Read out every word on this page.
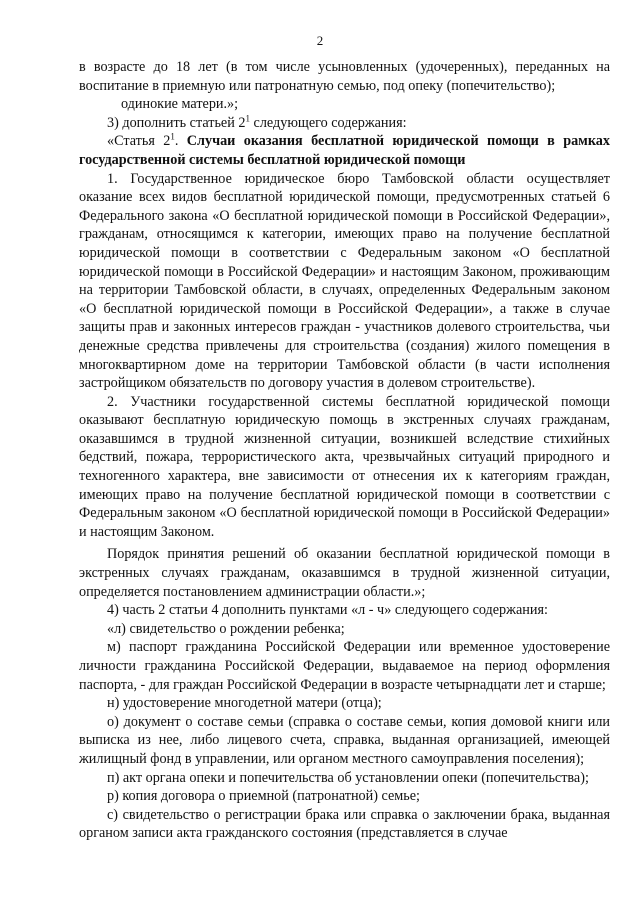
2

в возрасте до 18 лет (в том числе усыновленных (удочеренных), переданных на воспитание в приемную или патронатную семью, под опеку (попечительство);

одинокие матери.»;

3) дополнить статьей $2^1$ следующего содержания:

«Статья $2^1$. Случаи оказания бесплатной юридической помощи в рамках государственной системы бесплатной юридической помощи

1. Государственное юридическое бюро Тамбовской области осуществляет оказание всех видов бесплатной юридической помощи, предусмотренных статьей 6 Федерального закона «О бесплатной юридической помощи в Российской Федерации», гражданам, относящимся к категории, имеющих право на получение бесплатной юридической помощи в соответствии с Федеральным законом «О бесплатной юридической помощи в Российской Федерации» и настоящим Законом, проживающим на территории Тамбовской области, в случаях, определенных Федеральным законом «О бесплатной юридической помощи в Российской Федерации», а также в случае защиты прав и законных интересов граждан - участников долевого строительства, чьи денежные средства привлечены для строительства (создания) жилого помещения в многоквартирном доме на территории Тамбовской области (в части исполнения застройщиком обязательств по договору участия в долевом строительстве).

2. Участники государственной системы бесплатной юридической помощи оказывают бесплатную юридическую помощь в экстренных случаях гражданам, оказавшимся в трудной жизненной ситуации, возникшей вследствие стихийных бедствий, пожара, террористического акта, чрезвычайных ситуаций природного и техногенного характера, вне зависимости от отнесения их к категориям граждан, имеющих право на получение бесплатной юридической помощи в соответствии с Федеральным законом «О бесплатной юридической помощи в Российской Федерации» и настоящим Законом.

Порядок принятия решений об оказании бесплатной юридической помощи в экстренных случаях гражданам, оказавшимся в трудной жизненной ситуации, определяется постановлением администрации области.»;

4) часть 2 статьи 4 дополнить пунктами «л - ч» следующего содержания:

«л) свидетельство о рождении ребенка;

м) паспорт гражданина Российской Федерации или временное удостоверение личности гражданина Российской Федерации, выдаваемое на период оформления паспорта, - для граждан Российской Федерации в возрасте четырнадцати лет и старше;

н) удостоверение многодетной матери (отца);

о) документ о составе семьи (справка о составе семьи, копия домовой книги или выписка из нее, либо лицевого счета, справка, выданная организацией, имеющей жилищный фонд в управлении, или органом местного самоуправления поселения);

п) акт органа опеки и попечительства об установлении опеки (попечительства);

р) копия договора о приемной (патронатной) семье;

с) свидетельство о регистрации брака или справка о заключении брака, выданная органом записи акта гражданского состояния (представляется в случае
